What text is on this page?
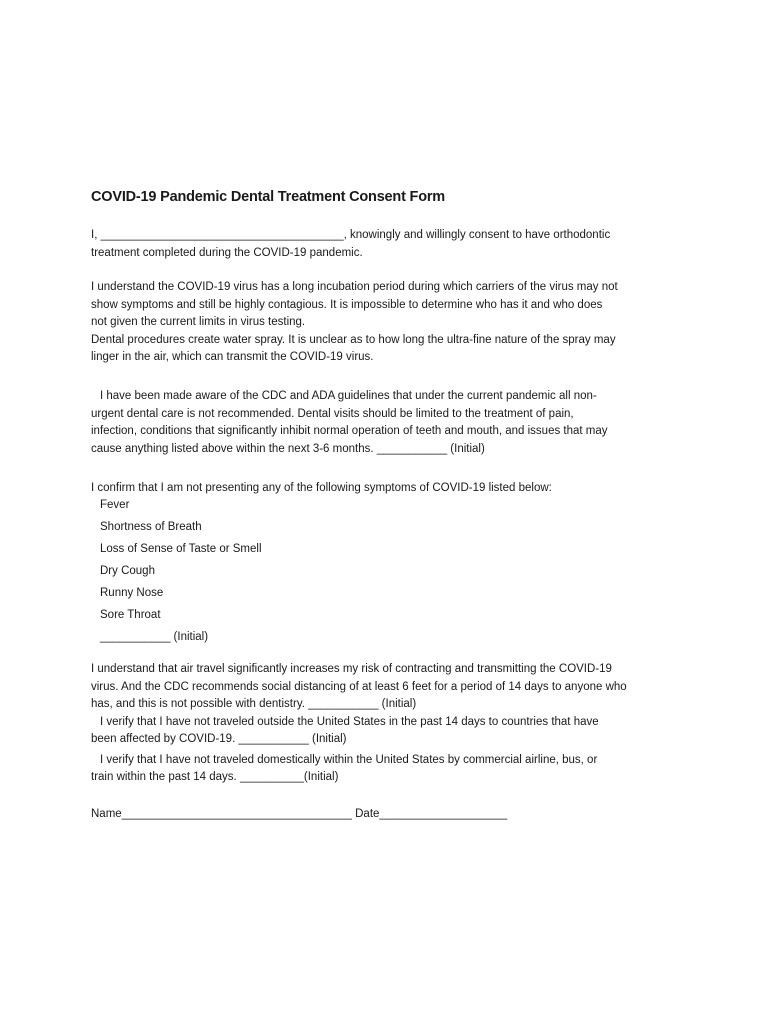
COVID-19 Pandemic Dental Treatment Consent Form

I, ______________________________________, knowingly and willingly consent to have orthodontic

treatment completed during the COVID-19 pandemic.

I understand the COVID-19 virus has a long incubation period during which carriers of the virus may not

show symptoms and still be highly contagious. It is impossible to determine who has it and who does

not given the current limits in virus testing.

Dental procedures create water spray. It is unclear as to how long the ultra-fine nature of the spray may

linger in the air, which can transmit the COVID-19 virus.

I have been made aware of the CDC and ADA guidelines that under the current pandemic all non-

urgent dental care is not recommended. Dental visits should be limited to the treatment of pain,

infection, conditions that significantly inhibit normal operation of teeth and mouth, and issues that may

cause anything listed above within the next 3-6 months. ___________ (Initial)

I confirm that I am not presenting any of the following symptoms of COVID-19 listed below:

Fever
Shortness of Breath
Loss of Sense of Taste or Smell
Dry Cough
Runny Nose
Sore Throat
___________ (Initial)

I understand that air travel significantly increases my risk of contracting and transmitting the COVID-19

virus. And the CDC recommends social distancing of at least 6 feet for a period of 14 days to anyone who

has, and this is not possible with dentistry. ___________ (Initial)

I verify that I have not traveled outside the United States in the past 14 days to countries that have

been affected by COVID-19. ___________ (Initial)

I verify that I have not traveled domestically within the United States by commercial airline, bus, or

train within the past 14 days. __________(Initial)

Name____________________________________ Date____________________
